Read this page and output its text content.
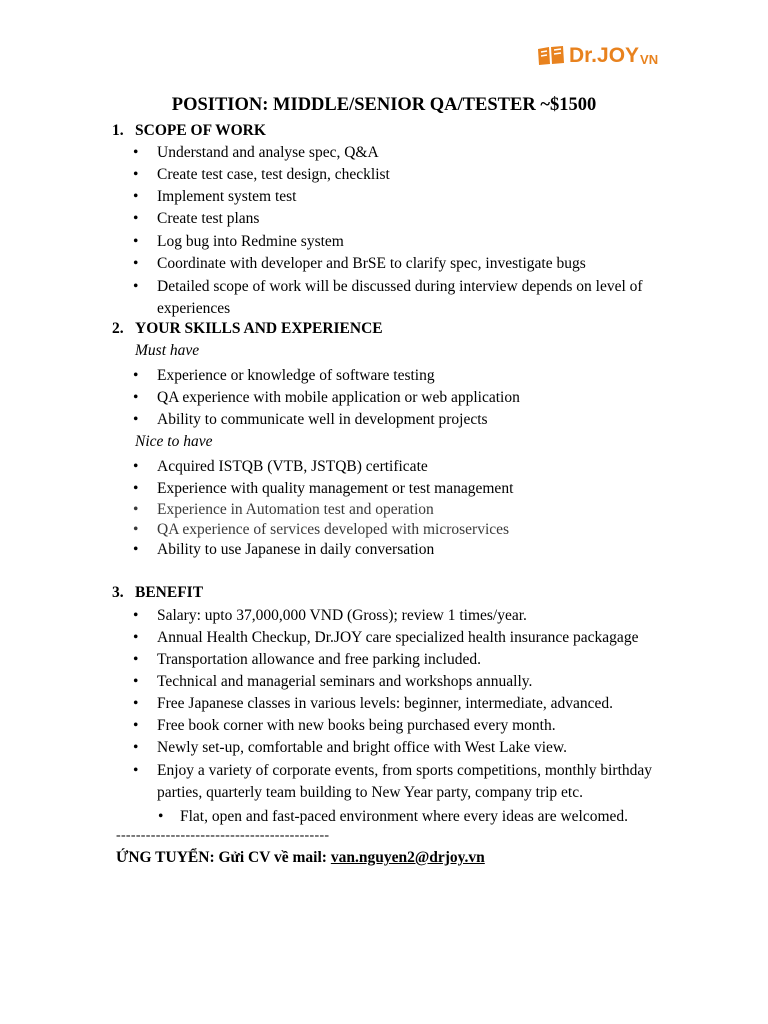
Dr.JOY VN
POSITION: MIDDLE/SENIOR QA/TESTER ~$1500
1. SCOPE OF WORK
• Understand and analyse spec, Q&A
• Create test case, test design, checklist
• Implement system test
• Create test plans
• Log bug into Redmine system
• Coordinate with developer and BrSE to clarify spec, investigate bugs
• Detailed scope of work will be discussed during interview depends on level of experiences
2. YOUR SKILLS AND EXPERIENCE
Must have
• Experience or knowledge of software testing
• QA experience with mobile application or web application
• Ability to communicate well in development projects
Nice to have
• Acquired ISTQB (VTB, JSTQB) certificate
• Experience with quality management or test management
• Experience in Automation test and operation
• QA experience of services developed with microservices
• Ability to use Japanese in daily conversation
3. BENEFIT
• Salary: upto 37,000,000 VND (Gross); review 1 times/year.
• Annual Health Checkup, Dr.JOY care specialized health insurance packagage
• Transportation allowance and free parking included.
• Technical and managerial seminars and workshops annually.
• Free Japanese classes in various levels: beginner, intermediate, advanced.
• Free book corner with new books being purchased every month.
• Newly set-up, comfortable and bright office with West Lake view.
• Enjoy a variety of corporate events, from sports competitions, monthly birthday parties, quarterly team building to New Year party, company trip etc.
• Flat, open and fast-paced environment where every ideas are welcomed.
-------------------------------------------
ỨNG TUYỂN: Gửi CV về mail: van.nguyen2@drjoy.vn
